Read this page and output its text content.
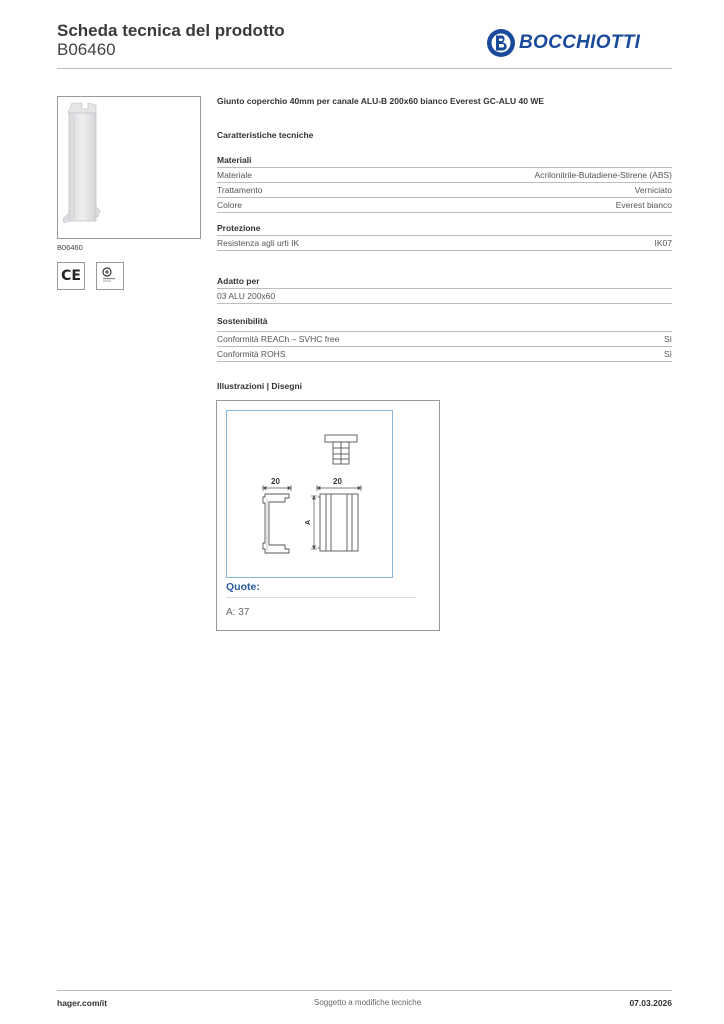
Scheda tecnica del prodotto
B06460	BOCCHIOTTI
B06460
CE
Giunto coperchio 40mm per canale ALU-B 200x60 bianco Everest GC-ALU 40 WE
Caratteristiche tecniche
Materiali
Materiale	Acrilonitrile-Butadiene-Stirene (ABS)
Trattamento	Verniciato
Colore	Everest bianco
Protezione
Resistenza agli urti IK	IK07
Adatto per
03 ALU 200x60
Sostenibilità
Conformità REACh – SVHC free	Sì
Conformità ROHS	Sì
Illustrazioni | Disegni
20	20
A
Quote:
A: 37
hager.com/it	Soggetto a modifiche tecniche	07.03.2026
